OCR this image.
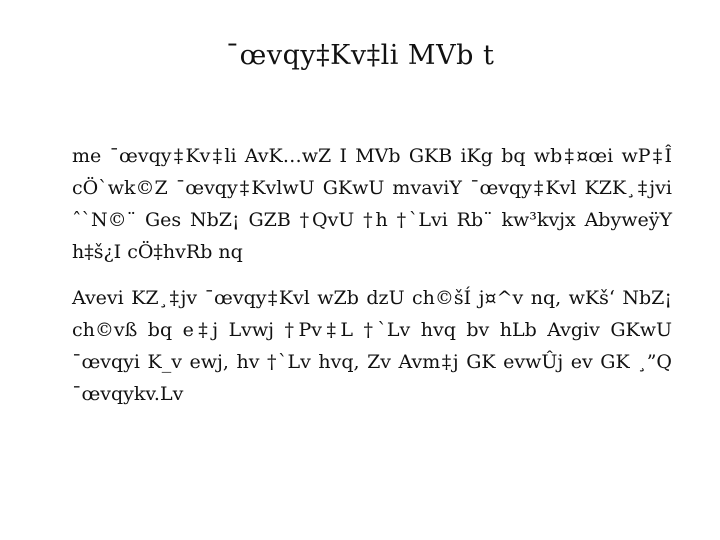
¯œvqy‡Kv‡li MVb t

me ¯œvqy‡Kv‡li AvK…wZ I MVb GKB iKg bq wb‡¤œi wP‡Î cÖ`wk©Z ¯œvqy‡KvlwU GKwU mvaviY ¯œvqy‡Kvl KZK¸‡jvi ˆ`N©¨ Ges NbZ¡ GZB †QvU †h †`Lvi Rb¨ kw³kvjx AbyweÿY h‡š¿I cÖ‡hvRb nq

Avevi KZ¸‡jv ¯œvqy‡Kvl wZb dzU ch©šÍ j¤^v nq, wKš‘ NbZ¡ ch©vß bq e‡j Lvwj †Pv‡L †`Lv hvq bv hLb Avgiv GKwU ¯œvqyi K_v ewj, hv †`Lv hvq, Zv Avm‡j GK evwÛj ev GK ¸”Q ¯œvqykv.Lv
